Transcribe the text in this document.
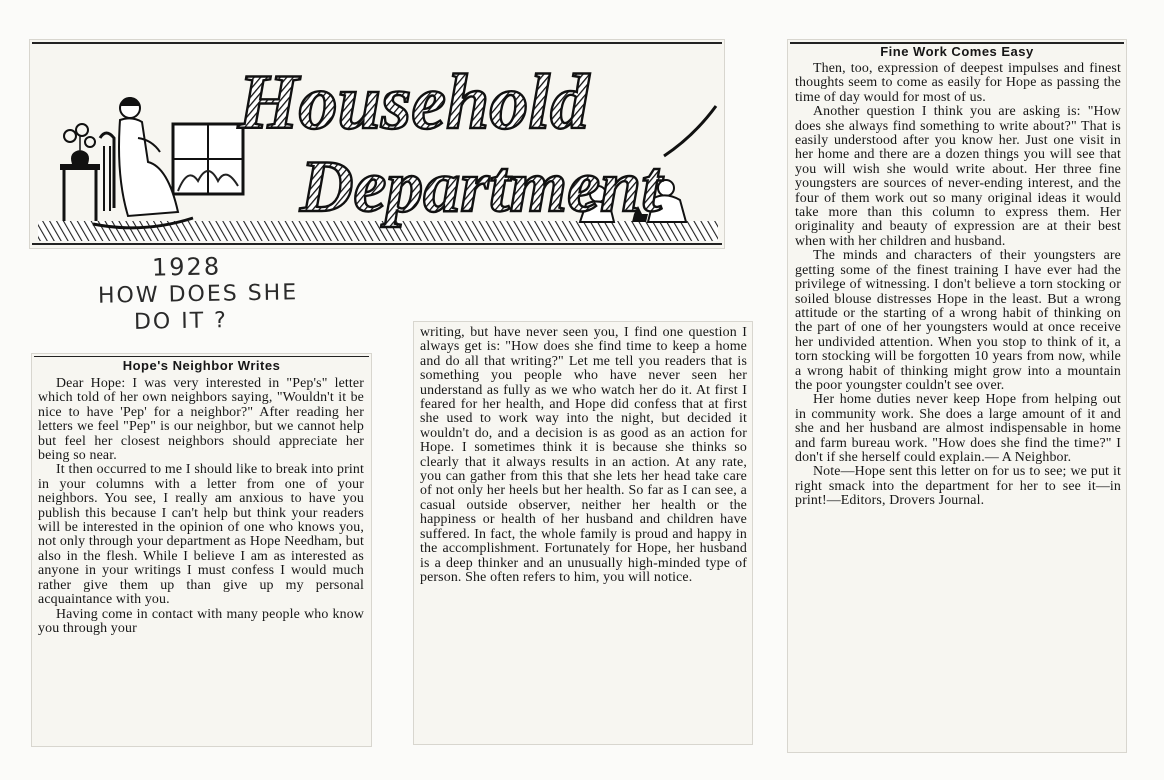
Household
Department
1928
HOW DOES SHE
DO IT ?
Hope's Neighbor Writes

Dear Hope: I was very interested in "Pep's" letter which told of her own neighbors saying, "Wouldn't it be nice to have 'Pep' for a neighbor?" After reading her letters we feel "Pep" is our neighbor, but we cannot help but feel her closest neighbors should appreciate her being so near.

It then occurred to me I should like to break into print in your columns with a letter from one of your neighbors. You see, I really am anxious to have you publish this because I can't help but think your readers will be interested in the opinion of one who knows you, not only through your department as Hope Needham, but also in the flesh. While I believe I am as interested as anyone in your writings I must confess I would much rather give them up than give up my personal acquaintance with you.

Having come in contact with many people who know you through your

writing, but have never seen you, I find one question I always get is: "How does she find time to keep a home and do all that writing?" Let me tell you readers that is something you people who have never seen her understand as fully as we who watch her do it. At first I feared for her health, and Hope did confess that at first she used to work way into the night, but decided it wouldn't do, and a decision is as good as an action for Hope. I sometimes think it is because she thinks so clearly that it always results in an action. At any rate, you can gather from this that she lets her head take care of not only her heels but her health. So far as I can see, a casual outside observer, neither her health or the happiness or health of her husband and children have suffered. In fact, the whole family is proud and happy in the accomplishment. Fortunately for Hope, her husband is a deep thinker and an unusually high-minded type of person. She often refers to him, you will notice.

Fine Work Comes Easy

Then, too, expression of deepest impulses and finest thoughts seem to come as easily for Hope as passing the time of day would for most of us.

Another question I think you are asking is: "How does she always find something to write about?" That is easily understood after you know her. Just one visit in her home and there are a dozen things you will see that you will wish she would write about. Her three fine youngsters are sources of never-ending interest, and the four of them work out so many original ideas it would take more than this column to express them. Her originality and beauty of expression are at their best when with her children and husband.

The minds and characters of their youngsters are getting some of the finest training I have ever had the privilege of witnessing. I don't believe a torn stocking or soiled blouse distresses Hope in the least. But a wrong attitude or the starting of a wrong habit of thinking on the part of one of her youngsters would at once receive her undivided attention. When you stop to think of it, a torn stocking will be forgotten 10 years from now, while a wrong habit of thinking might grow into a mountain the poor youngster couldn't see over.

Her home duties never keep Hope from helping out in community work. She does a large amount of it and she and her husband are almost indispensable in home and farm bureau work. "How does she find the time?" I don't if she herself could explain.— A Neighbor.

Note—Hope sent this letter on for us to see; we put it right smack into the department for her to see it—in print!—Editors, Drovers Journal.
